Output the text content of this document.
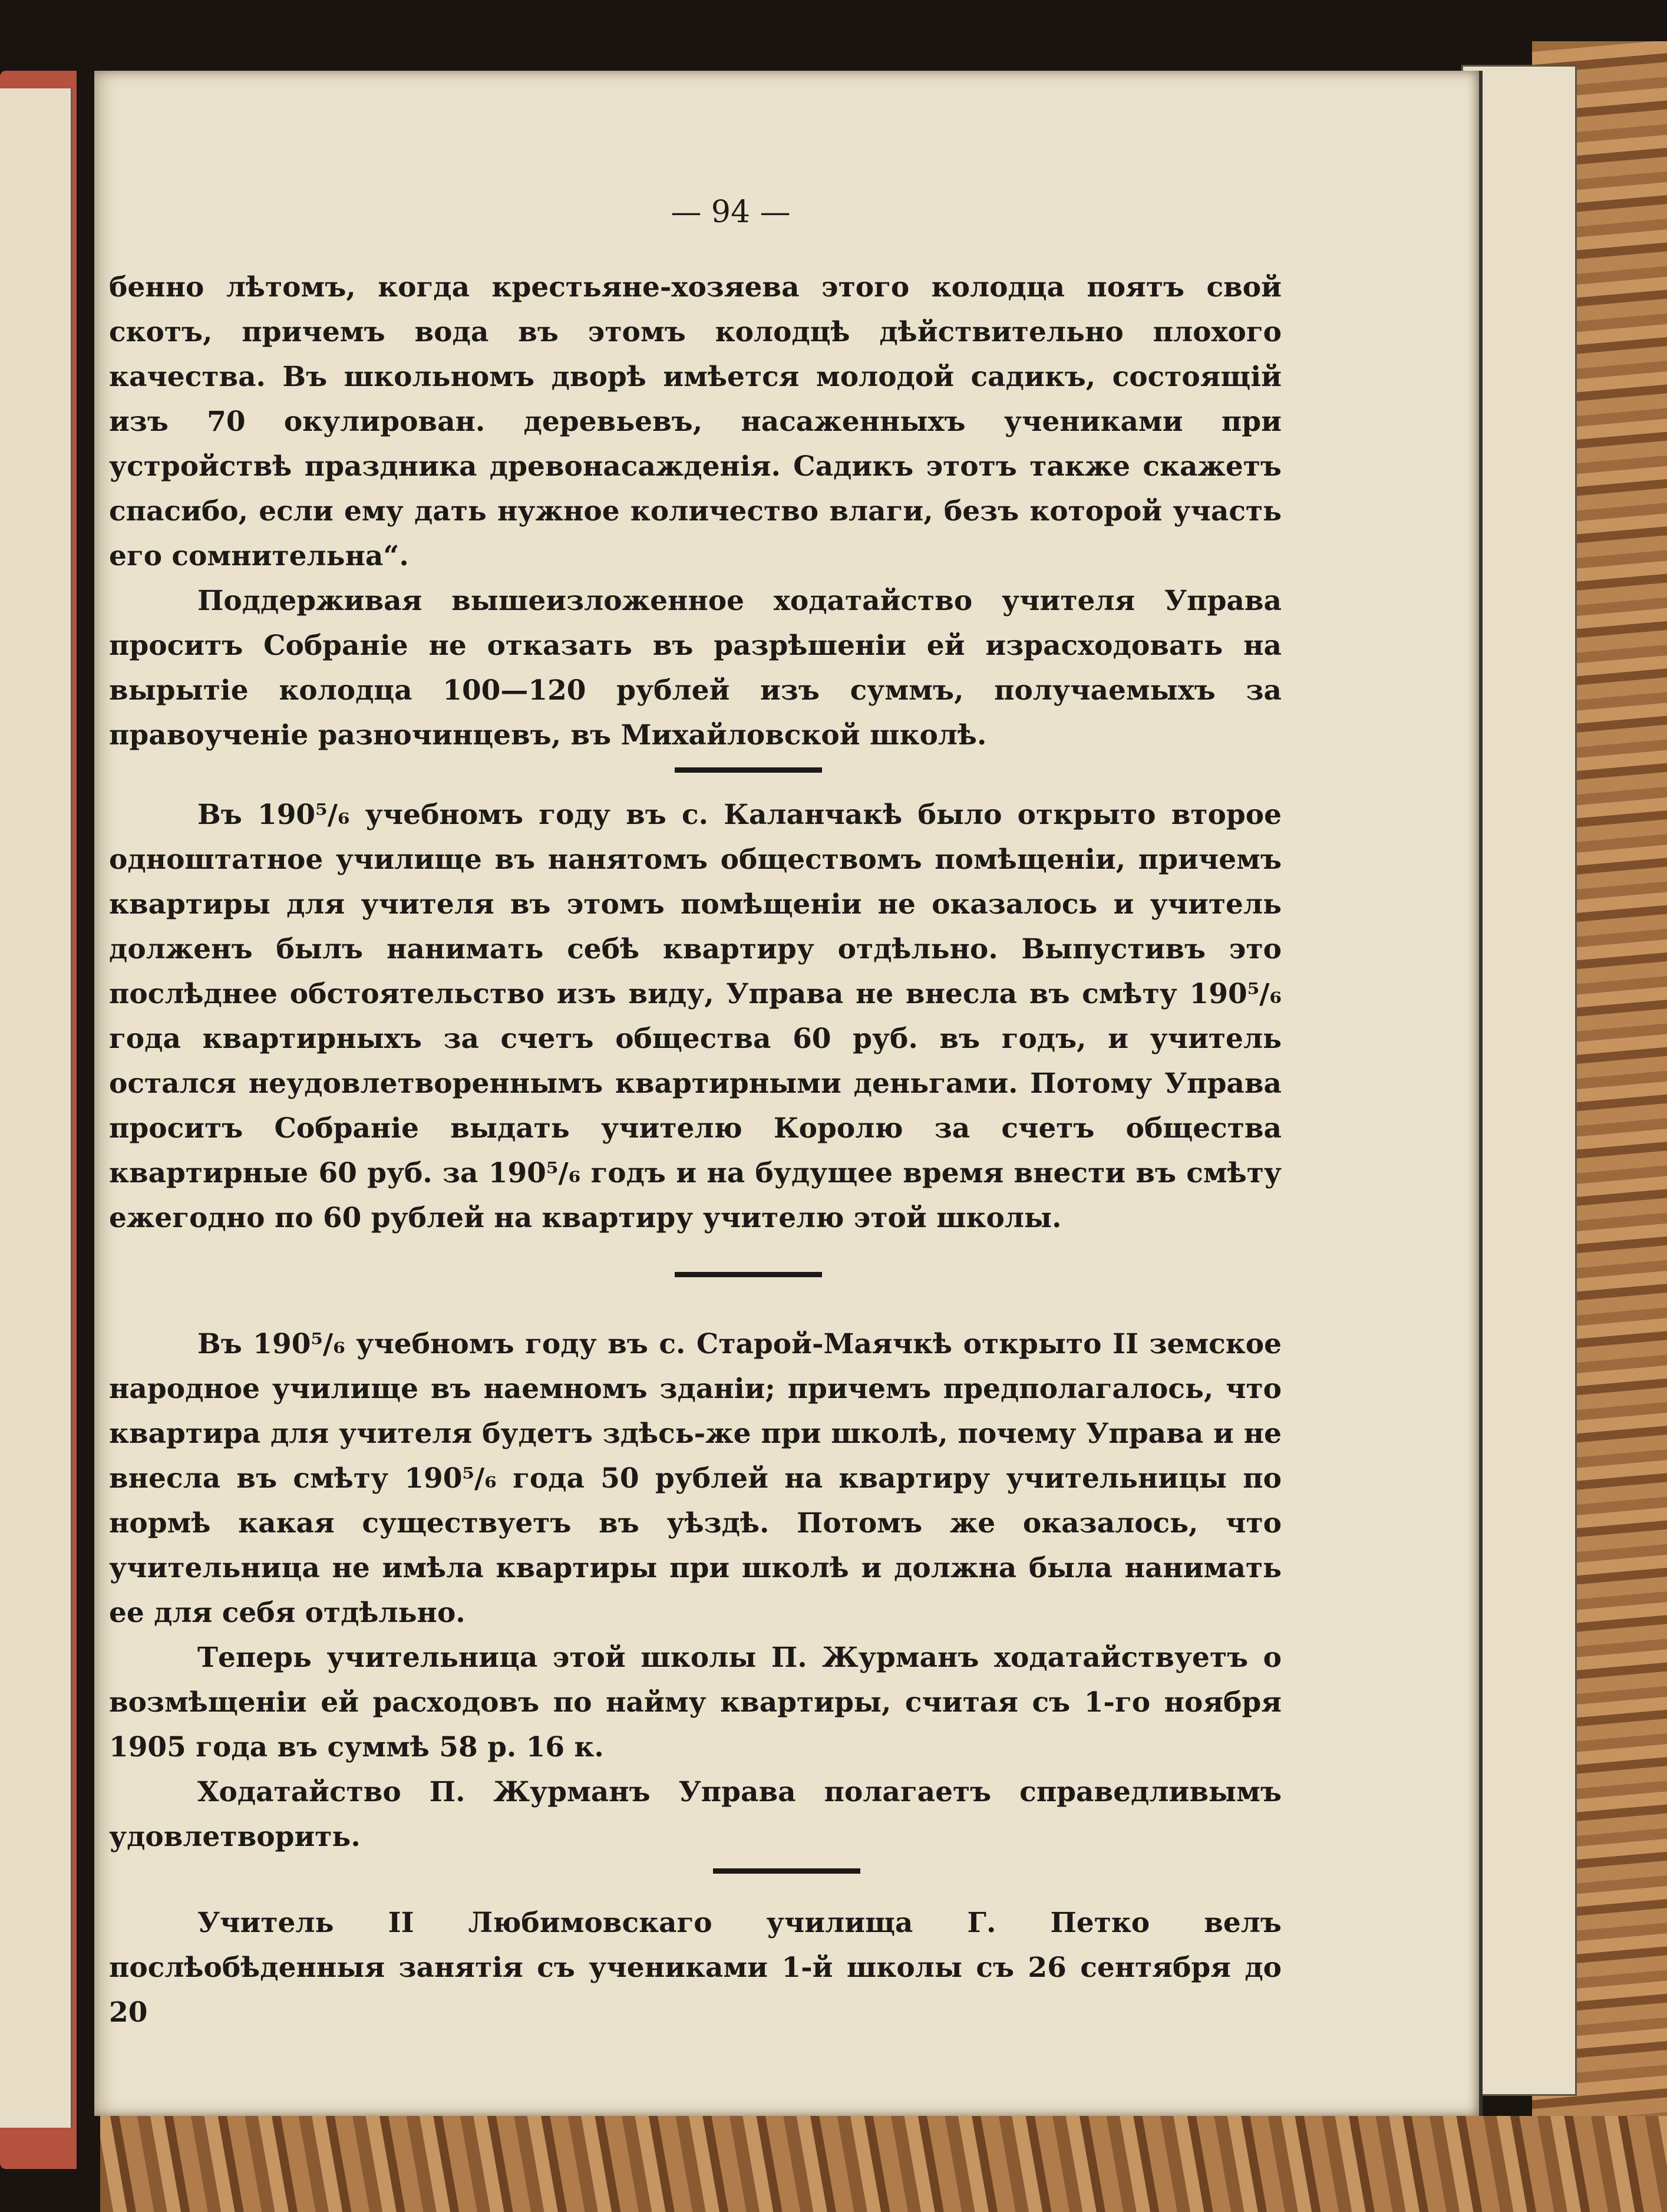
— 94 —

бенно лѣтомъ, когда крестьяне-хозяева этого колодца поятъ свой скотъ, причемъ вода въ этомъ колодцѣ дѣйствительно плохого качества. Въ школьномъ дворѣ имѣется молодой садикъ, состоящій изъ 70 окулирован. деревьевъ, насаженныхъ учениками при устройствѣ праздника древонасажденія. Садикъ этотъ также скажетъ спасибо, если ему дать нужное количество влаги, безъ которой участь его сомнительна“.

Поддерживая вышеизложенное ходатайство учителя Управа проситъ Собраніе не отказать въ разрѣшеніи ей израсходовать на вырытіе колодца 100—120 рублей изъ суммъ, получаемыхъ за правоученіе разночинцевъ, въ Михайловской школѣ.

Въ 190⁵/₆ учебномъ году въ с. Каланчакѣ было открыто второе одноштатное училище въ нанятомъ обществомъ помѣщеніи, причемъ квартиры для учителя въ этомъ помѣщеніи не оказалось и учитель долженъ былъ нанимать себѣ квартиру отдѣльно. Выпустивъ это послѣднее обстоятельство изъ виду, Управа не внесла въ смѣту 190⁵/₆ года квартирныхъ за счетъ общества 60 руб. въ годъ, и учитель остался неудовлетвореннымъ квартирными деньгами. Потому Управа проситъ Собраніе выдать учителю Королю за счетъ общества квартирные 60 руб. за 190⁵/₆ годъ и на будущее время внести въ смѣту ежегодно по 60 рублей на квартиру учителю этой школы.

Въ 190⁵/₆ учебномъ году въ с. Старой-Маячкѣ открыто II земское народное училище въ наемномъ зданіи; причемъ предполагалось, что квартира для учителя будетъ здѣсь-же при школѣ, почему Управа и не внесла въ смѣту 190⁵/₆ года 50 рублей на квартиру учительницы по нормѣ какая существуетъ въ уѣздѣ. Потомъ же оказалось, что учительница не имѣла квартиры при школѣ и должна была нанимать ее для себя отдѣльно.

Теперь учительница этой школы П. Журманъ ходатайствуетъ о возмѣщеніи ей расходовъ по найму квартиры, считая съ 1-го ноября 1905 года въ суммѣ 58 р. 16 к.

Ходатайство П. Журманъ Управа полагаетъ справедливымъ удовлетворить.

Учитель II Любимовскаго училища Г. Петко велъ послѣобѣденныя занятія съ учениками 1-й школы съ 26 сентября до 20
